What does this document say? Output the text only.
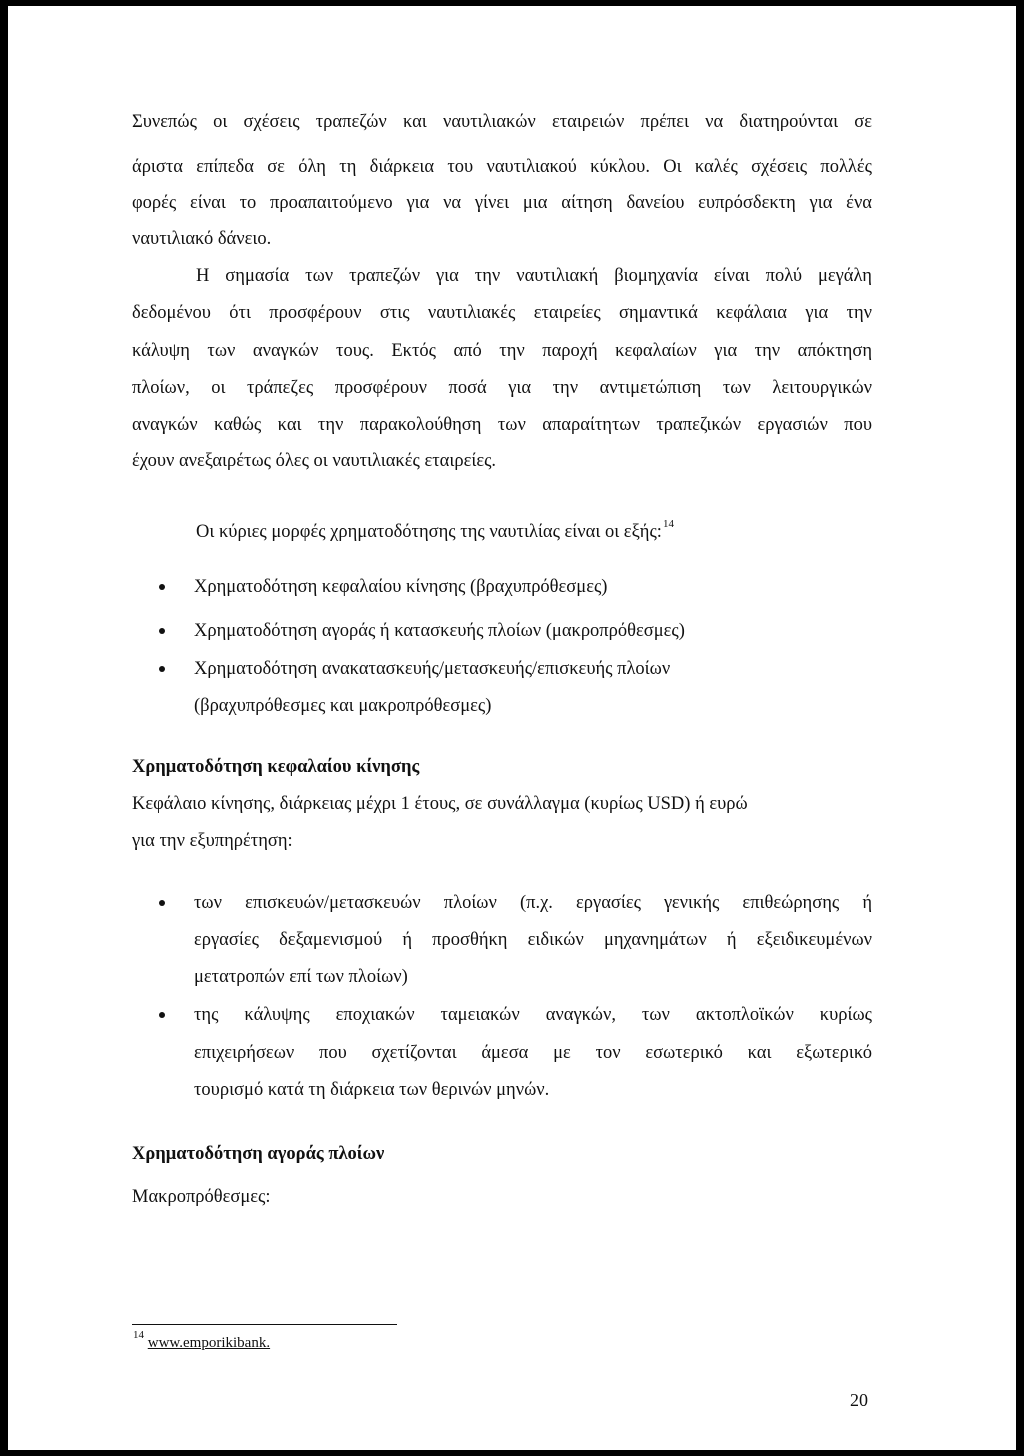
Συνεπώς οι σχέσεις τραπεζών και ναυτιλιακών εταιρειών πρέπει να διατηρούνται σε
άριστα επίπεδα σε όλη τη διάρκεια του ναυτιλιακού κύκλου. Οι καλές σχέσεις πολλές
φορές είναι το προαπαιτούμενο για να γίνει μια αίτηση δανείου ευπρόσδεκτη για ένα
ναυτιλιακό δάνειο.
Η σημασία των τραπεζών για την ναυτιλιακή βιομηχανία είναι πολύ μεγάλη
δεδομένου ότι προσφέρουν στις ναυτιλιακές εταιρείες σημαντικά κεφάλαια για την
κάλυψη των αναγκών τους. Εκτός από την παροχή κεφαλαίων για την απόκτηση
πλοίων, οι τράπεζες προσφέρουν ποσά για την αντιμετώπιση των λειτουργικών
αναγκών καθώς και την παρακολούθηση των απαραίτητων τραπεζικών εργασιών που
έχουν ανεξαιρέτως όλες οι ναυτιλιακές εταιρείες.
Οι κύριες μορφές χρηματοδότησης της ναυτιλίας είναι οι εξής:$^{14}$
Χρηματοδότηση κεφαλαίου κίνησης (βραχυπρόθεσμες)
Χρηματοδότηση αγοράς ή κατασκευής πλοίων (μακροπρόθεσμες)
Χρηματοδότηση ανακατασκευής/μετασκευής/επισκευής πλοίων
(βραχυπρόθεσμες και μακροπρόθεσμες)
Χρηματοδότηση κεφαλαίου κίνησης
Κεφάλαιο κίνησης, διάρκειας μέχρι 1 έτους, σε συνάλλαγμα (κυρίως USD) ή ευρώ
για την εξυπηρέτηση:
των επισκευών/μετασκευών πλοίων (π.χ. εργασίες γενικής επιθεώρησης ή
εργασίες δεξαμενισμού ή προσθήκη ειδικών μηχανημάτων ή εξειδικευμένων
μετατροπών επί των πλοίων)
της κάλυψης εποχιακών ταμειακών αναγκών, των ακτοπλοϊκών κυρίως
επιχειρήσεων που σχετίζονται άμεσα με τον εσωτερικό και εξωτερικό
τουρισμό κατά τη διάρκεια των θερινών μηνών.
Χρηματοδότηση αγοράς πλοίων
Μακροπρόθεσμες:
$^{14}$ www.emporikibank.
20
